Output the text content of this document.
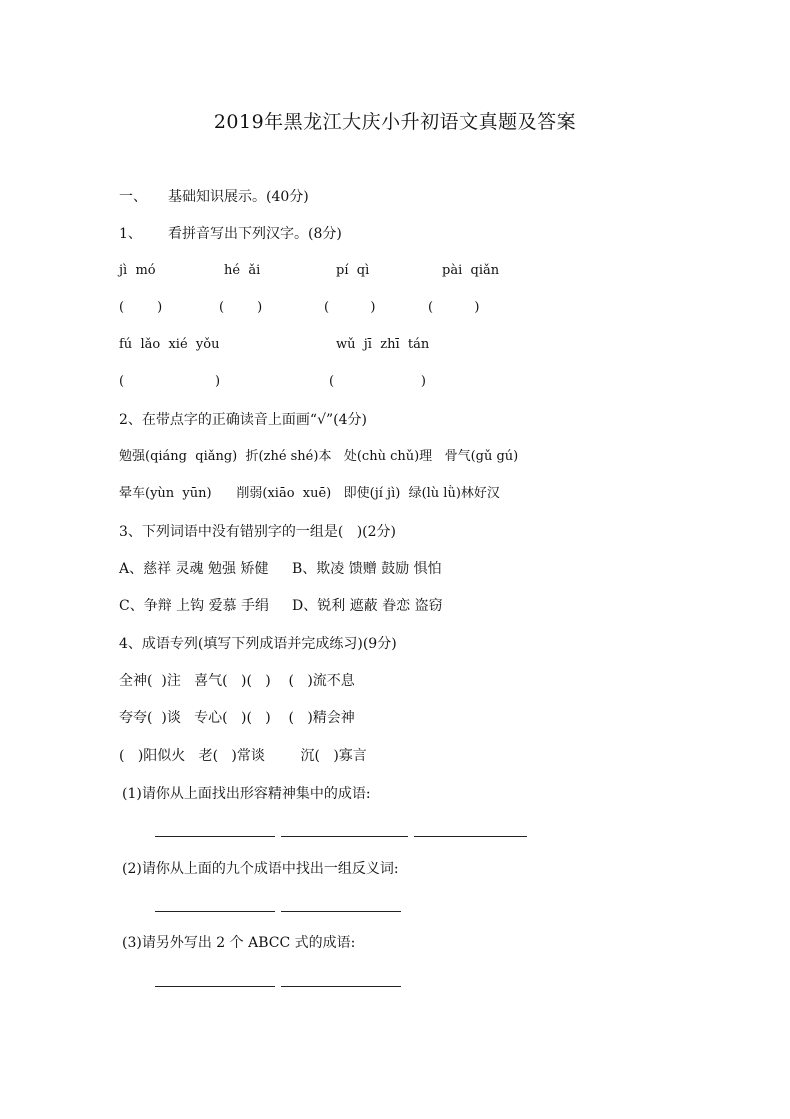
2019年黑龙江大庆小升初语文真题及答案
一、 基础知识展示。(40分)
1、 看拼音写出下列汉字。(8分)
jì  mó	hé  ǎi	pí  qì	pài  qiǎn
(        )	(        )	(          )	(          )
fú  lǎo  xié  yǒu	wǔ  jī  zhī  tán
(                      )	(                     )
2、在带点字的正确读音上面画“√”(4分)
勉强(qiáng  qiǎng)  折(zhé shé)本   处(chù chǔ)理   骨气(gǔ gú)
晕车(yùn  yūn)      削弱(xiāo  xuē)   即使(jí jì)  绿(lù lǜ)林好汉
3、下列词语中没有错别字的一组是(   )(2分)
A、慈祥 灵魂 勉强 矫健 B、欺凌 馈赠 鼓励 惧怕
C、争辩 上钩 爱慕 手绢 D、锐利 遮蔽 眷恋 盗窃
4、成语专列(填写下列成语并完成练习)(9分)
全神(  )注   喜气(   )(   )    (   )流不息
夸夸(  )谈   专心(   )(   )    (   )精会神
(   )阳似火   老(   )常谈        沉(   )寡言
(1)请你从上面找出形容精神集中的成语:
(2)请你从上面的九个成语中找出一组反义词:
(3)请另外写出 2 个 ABCC 式的成语:
